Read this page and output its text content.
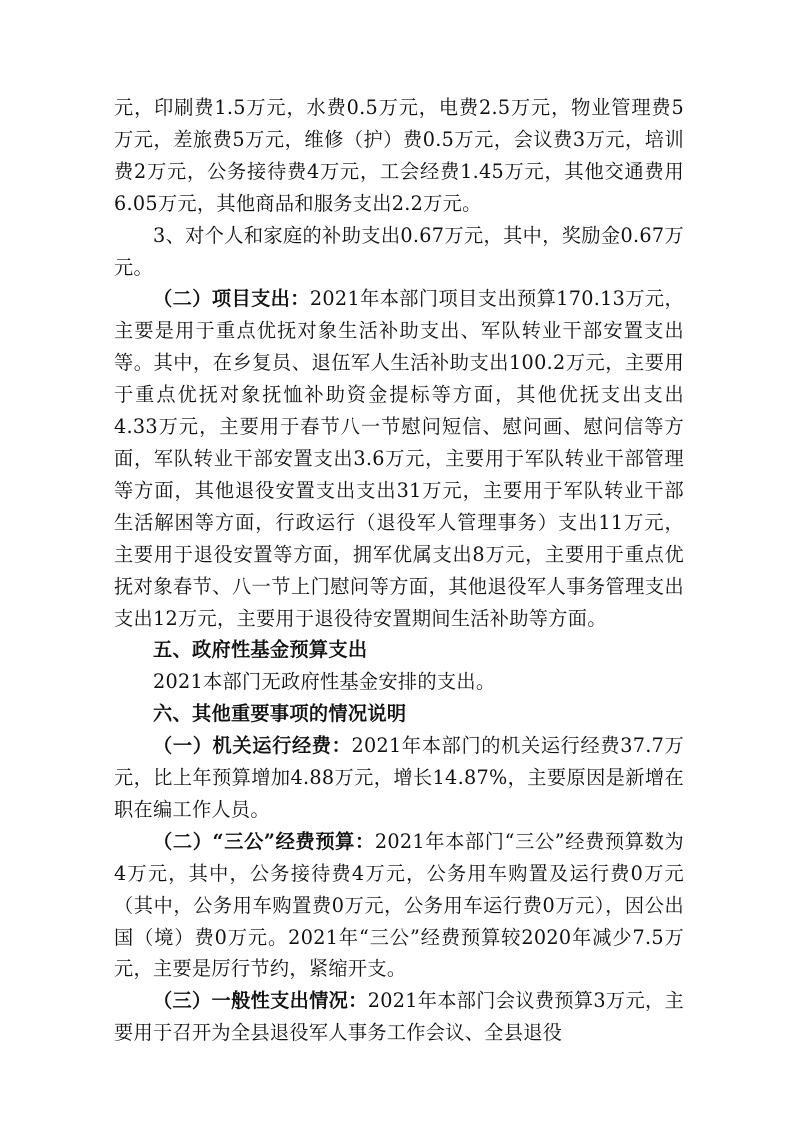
元，印刷费1.5万元，水费0.5万元，电费2.5万元，物业管理费5万元，差旅费5万元，维修（护）费0.5万元，会议费3万元，培训费2万元，公务接待费4万元，工会经费1.45万元，其他交通费用6.05万元，其他商品和服务支出2.2万元。

3、对个人和家庭的补助支出0.67万元，其中，奖励金0.67万元。

（二）项目支出：2021年本部门项目支出预算170.13万元，主要是用于重点优抚对象生活补助支出、军队转业干部安置支出等。其中，在乡复员、退伍军人生活补助支出100.2万元，主要用于重点优抚对象抚恤补助资金提标等方面，其他优抚支出支出4.33万元，主要用于春节八一节慰问短信、慰问画、慰问信等方面，军队转业干部安置支出3.6万元，主要用于军队转业干部管理等方面，其他退役安置支出支出31万元，主要用于军队转业干部生活解困等方面，行政运行（退役军人管理事务）支出11万元，主要用于退役安置等方面，拥军优属支出8万元，主要用于重点优抚对象春节、八一节上门慰问等方面，其他退役军人事务管理支出支出12万元，主要用于退役待安置期间生活补助等方面。

五、政府性基金预算支出

2021本部门无政府性基金安排的支出。

六、其他重要事项的情况说明

（一）机关运行经费：2021年本部门的机关运行经费37.7万元，比上年预算增加4.88万元，增长14.87%，主要原因是新增在职在编工作人员。

（二）“三公”经费预算：2021年本部门“三公”经费预算数为4万元，其中，公务接待费4万元，公务用车购置及运行费0万元（其中，公务用车购置费0万元，公务用车运行费0万元），因公出国（境）费0万元。2021年“三公”经费预算较2020年减少7.5万元，主要是厉行节约，紧缩开支。

（三）一般性支出情况：2021年本部门会议费预算3万元，主要用于召开为全县退役军人事务工作会议、全县退役
